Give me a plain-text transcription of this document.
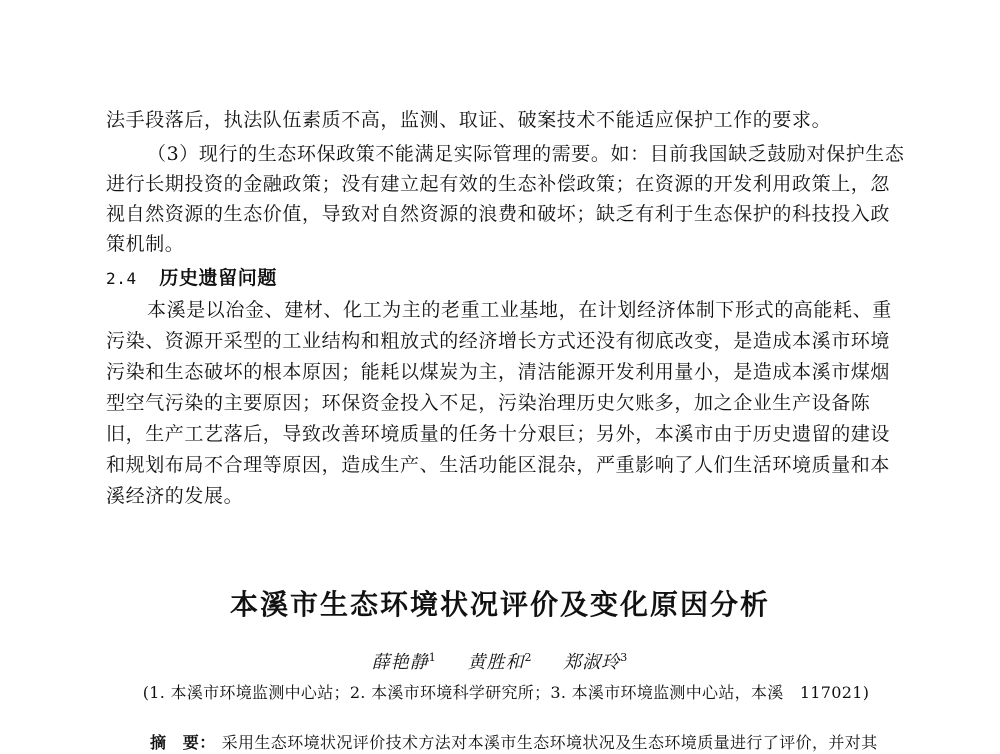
法手段落后，执法队伍素质不高，监测、取证、破案技术不能适应保护工作的要求。
（3）现行的生态环保政策不能满足实际管理的需要。如：目前我国缺乏鼓励对保护生态
进行长期投资的金融政策；没有建立起有效的生态补偿政策；在资源的开发利用政策上，忽
视自然资源的生态价值，导致对自然资源的浪费和破坏；缺乏有利于生态保护的科技投入政
策机制。
2.4 历史遗留问题
本溪是以冶金、建材、化工为主的老重工业基地，在计划经济体制下形式的高能耗、重
污染、资源开采型的工业结构和粗放式的经济增长方式还没有彻底改变，是造成本溪市环境
污染和生态破坏的根本原因；能耗以煤炭为主，清洁能源开发利用量小，是造成本溪市煤烟
型空气污染的主要原因；环保资金投入不足，污染治理历史欠账多，加之企业生产设备陈
旧，生产工艺落后，导致改善环境质量的任务十分艰巨；另外，本溪市由于历史遗留的建设
和规划布局不合理等原因，造成生产、生活功能区混杂，严重影响了人们生活环境质量和本
溪经济的发展。
本溪市生态环境状况评价及变化原因分析
薛艳静$^1$ 黄胜和$^2$ 郑淑玲$^3$
(1. 本溪市环境监测中心站；2. 本溪市环境科学研究所；3. 本溪市环境监测中心站，本溪　117021)
摘　要： 采用生态环境状况评价技术方法对本溪市生态环境状况及生态环境质量进行了评价，并对其
